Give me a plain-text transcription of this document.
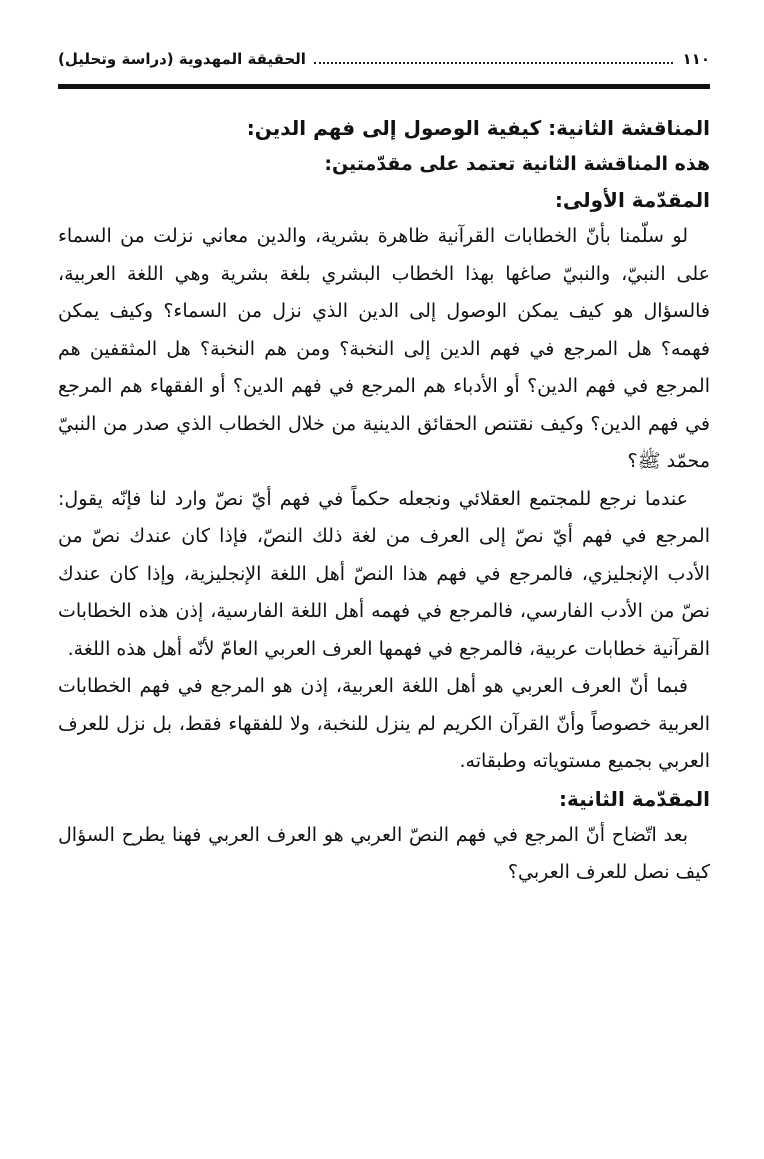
١١٠
الحقيقة المهدوية (دراسة وتحليل)

المناقشة الثانية: كيفية الوصول إلى فهم الدين:

هذه المناقشة الثانية تعتمد على مقدّمتين:

المقدّمة الأولى:

لو سلّمنا بأنّ الخطابات القرآنية ظاهرة بشرية، والدين معاني نزلت من السماء على النبيّ، والنبيّ صاغها بهذا الخطاب البشري بلغة بشرية وهي اللغة العربية، فالسؤال هو كيف يمكن الوصول إلى الدين الذي نزل من السماء؟ وكيف يمكن فهمه؟ هل المرجع في فهم الدين إلى النخبة؟ ومن هم النخبة؟ هل المثقفين هم المرجع في فهم الدين؟ أو الأدباء هم المرجع في فهم الدين؟ أو الفقهاء هم المرجع في فهم الدين؟ وكيف نقتنص الحقائق الدينية من خلال الخطاب الذي صدر من النبيّ محمّد ﷺ؟

عندما نرجع للمجتمع العقلائي ونجعله حكماً في فهم أيّ نصّ وارد لنا فإنّه يقول: المرجع في فهم أيّ نصّ إلى العرف من لغة ذلك النصّ، فإذا كان عندك نصّ من الأدب الإنجليزي، فالمرجع في فهم هذا النصّ أهل اللغة الإنجليزية، وإذا كان عندك نصّ من الأدب الفارسي، فالمرجع في فهمه أهل اللغة الفارسية، إذن هذه الخطابات القرآنية خطابات عربية، فالمرجع في فهمها العرف العربي العامّ لأنّه أهل هذه اللغة.

فبما أنّ العرف العربي هو أهل اللغة العربية، إذن هو المرجع في فهم الخطابات العربية خصوصاً وأنّ القرآن الكريم لم ينزل للنخبة، ولا للفقهاء فقط، بل نزل للعرف العربي بجميع مستوياته وطبقاته.

المقدّمة الثانية:

بعد اتّضاح أنّ المرجع في فهم النصّ العربي هو العرف العربي فهنا يطرح السؤال كيف نصل للعرف العربي؟
